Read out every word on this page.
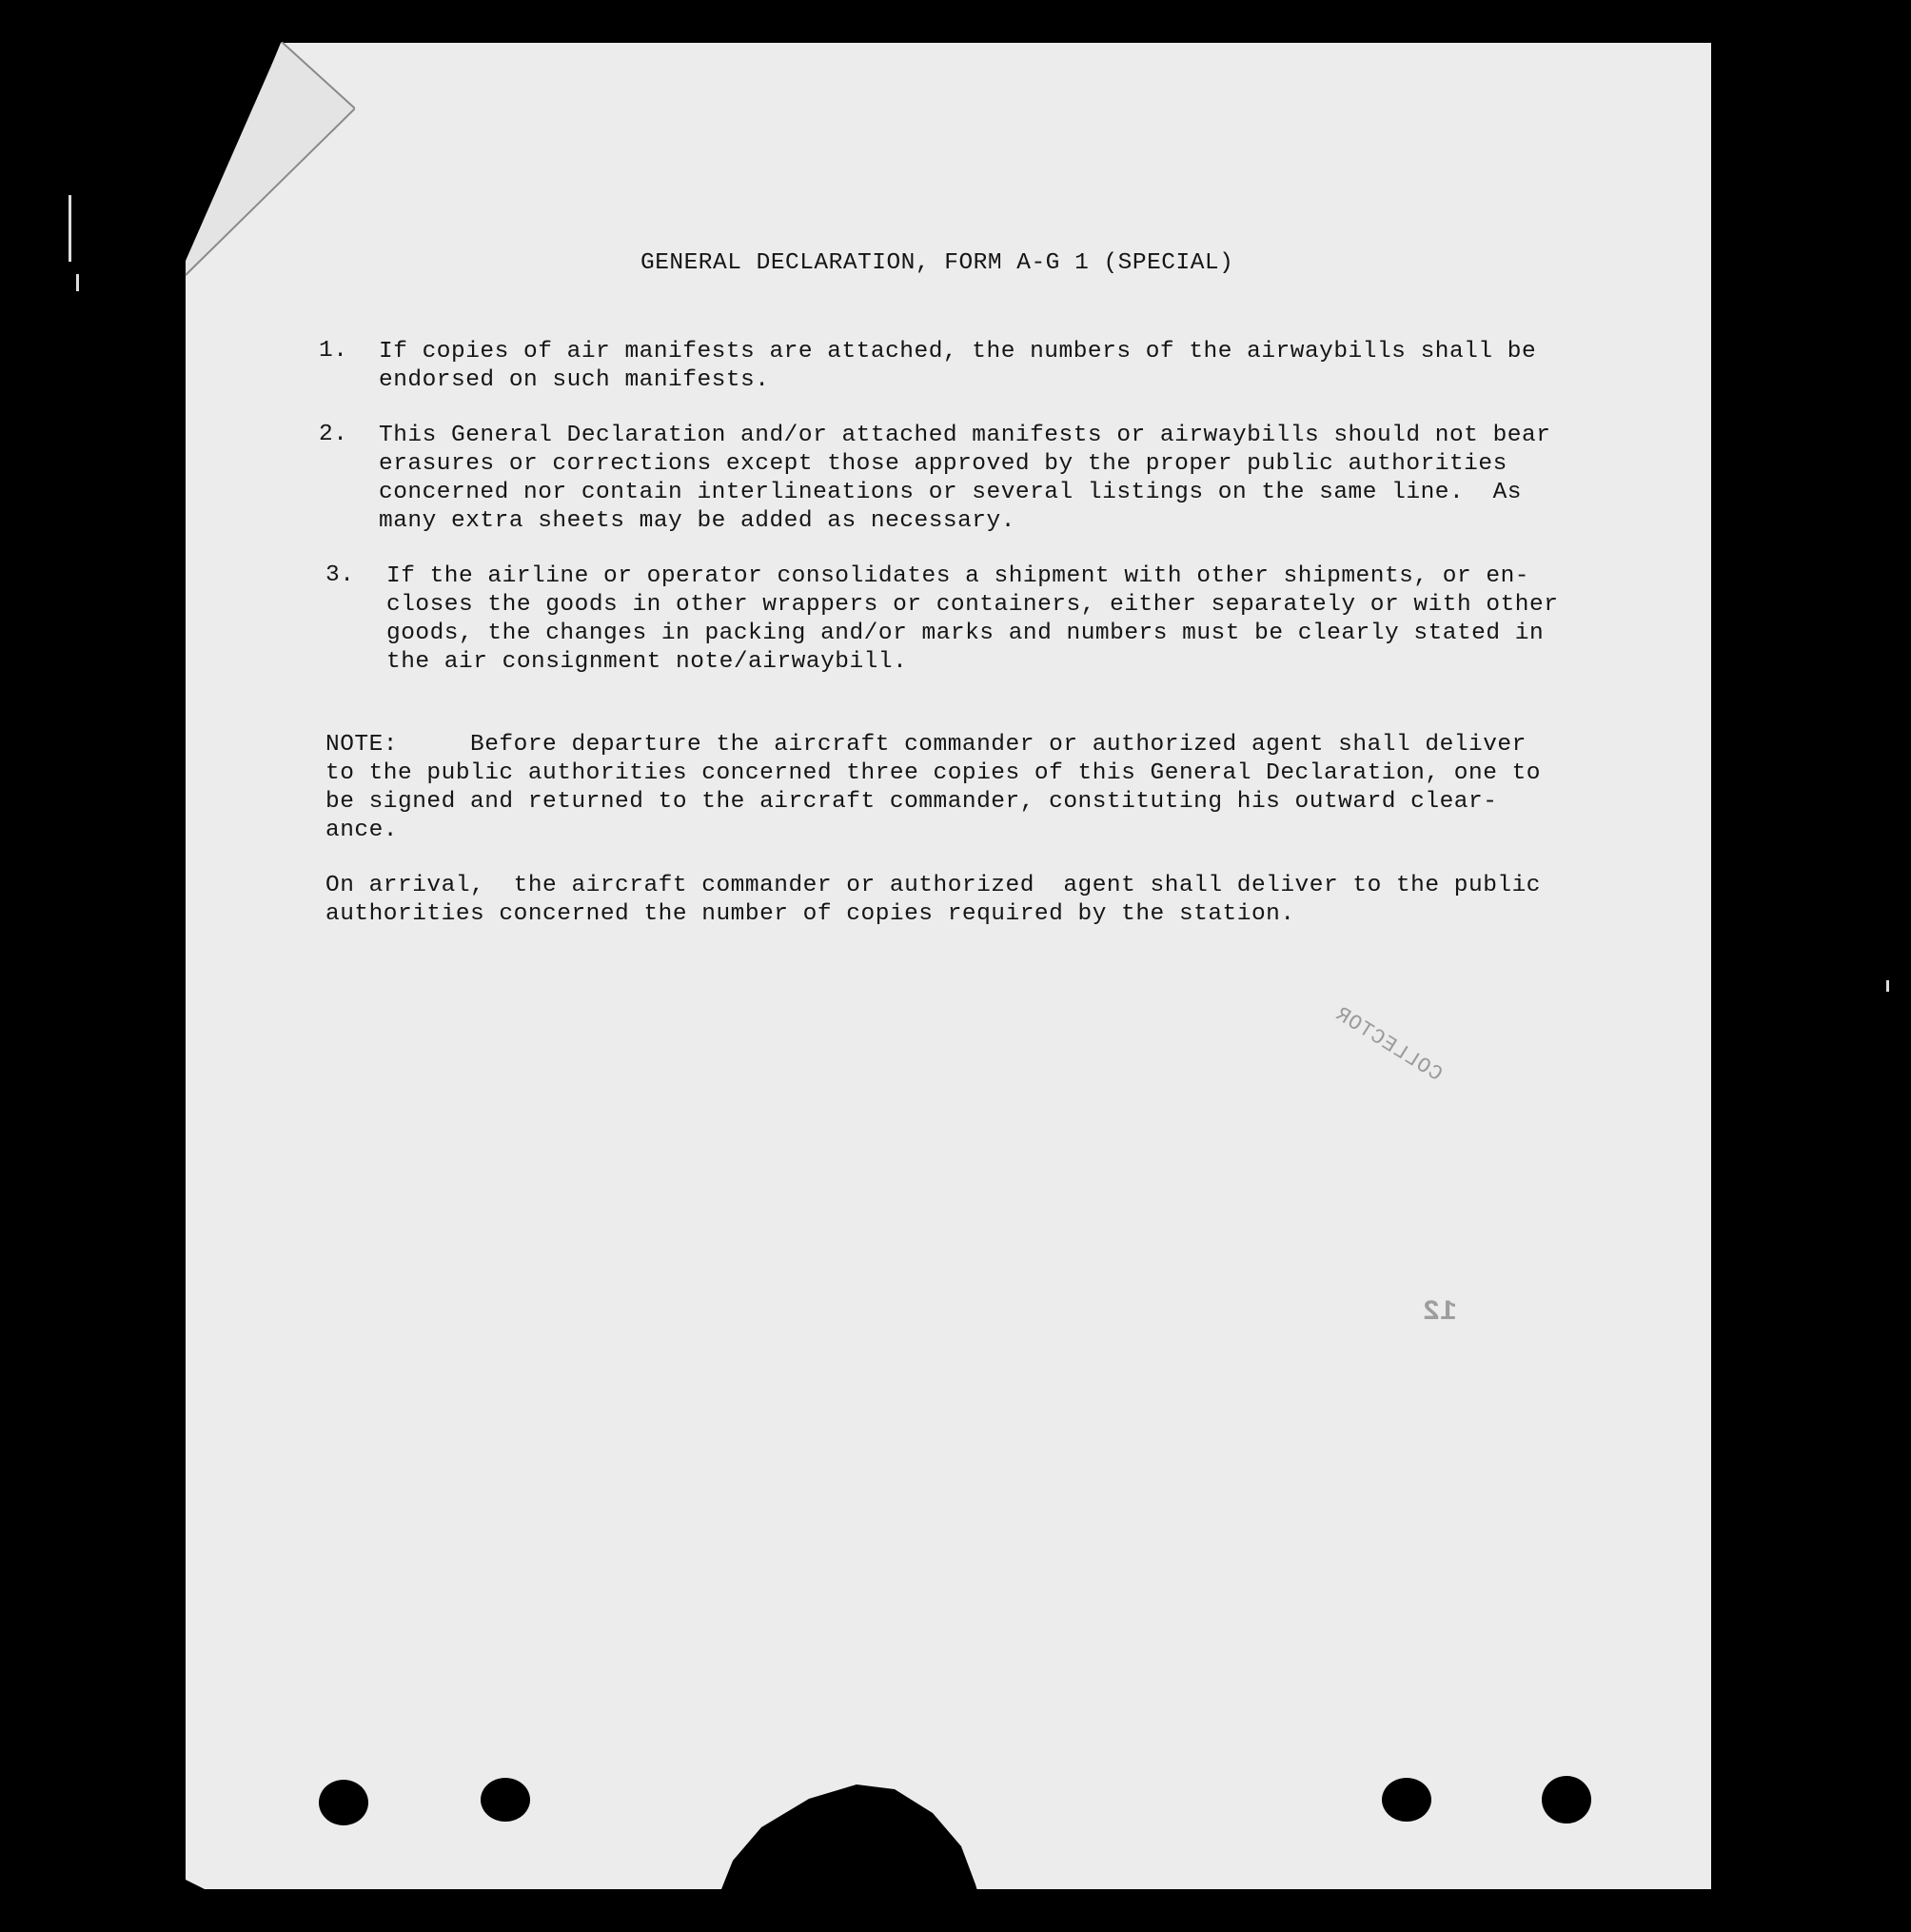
GENERAL DECLARATION, FORM A-G 1 (SPECIAL)
1. If copies of air manifests are attached, the numbers of the airwaybills shall be
endorsed on such manifests.
2. This General Declaration and/or attached manifests or airwaybills should not bear
erasures or corrections except those approved by the proper public authorities
concerned nor contain interlineations or several listings on the same line.  As
many extra sheets may be added as necessary.
3. If the airline or operator consolidates a shipment with other shipments, or en-
closes the goods in other wrappers or containers, either separately or with other
goods, the changes in packing and/or marks and numbers must be clearly stated in
the air consignment note/airwaybill.
NOTE:     Before departure the aircraft commander or authorized agent shall deliver
to the public authorities concerned three copies of this General Declaration, one to
be signed and returned to the aircraft commander, constituting his outward clear-
ance.
On arrival,  the aircraft commander or authorized  agent shall deliver to the public
authorities concerned the number of copies required by the station.
COLLECTOR
12
